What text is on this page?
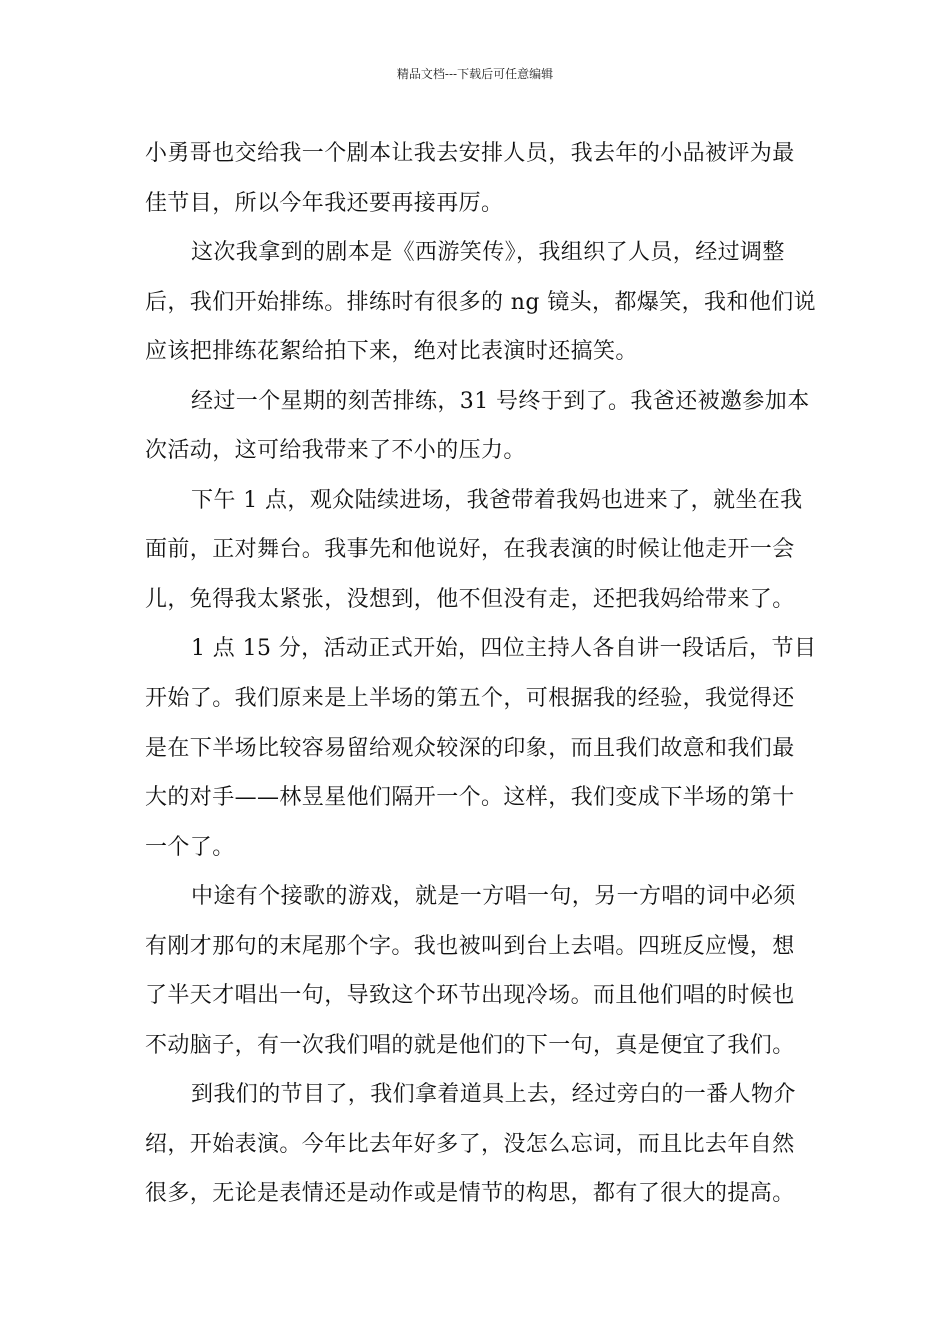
精品文档---下载后可任意编辑
小勇哥也交给我一个剧本让我去安排人员，我去年的小品被评为最
佳节目，所以今年我还要再接再厉。
这次我拿到的剧本是《西游笑传》，我组织了人员，经过调整
后，我们开始排练。排练时有很多的 ng 镜头，都爆笑，我和他们说
应该把排练花絮给拍下来，绝对比表演时还搞笑。
经过一个星期的刻苦排练，31 号终于到了。我爸还被邀参加本
次活动，这可给我带来了不小的压力。
下午 1 点，观众陆续进场，我爸带着我妈也进来了，就坐在我
面前，正对舞台。我事先和他说好，在我表演的时候让他走开一会
儿，免得我太紧张，没想到，他不但没有走，还把我妈给带来了。
1 点 15 分，活动正式开始，四位主持人各自讲一段话后，节目
开始了。我们原来是上半场的第五个，可根据我的经验，我觉得还
是在下半场比较容易留给观众较深的印象，而且我们故意和我们最
大的对手——林昱星他们隔开一个。这样，我们变成下半场的第十
一个了。
中途有个接歌的游戏，就是一方唱一句，另一方唱的词中必须
有刚才那句的末尾那个字。我也被叫到台上去唱。四班反应慢，想
了半天才唱出一句，导致这个环节出现冷场。而且他们唱的时候也
不动脑子，有一次我们唱的就是他们的下一句，真是便宜了我们。
到我们的节目了，我们拿着道具上去，经过旁白的一番人物介
绍，开始表演。今年比去年好多了，没怎么忘词，而且比去年自然
很多，无论是表情还是动作或是情节的构思，都有了很大的提高。
